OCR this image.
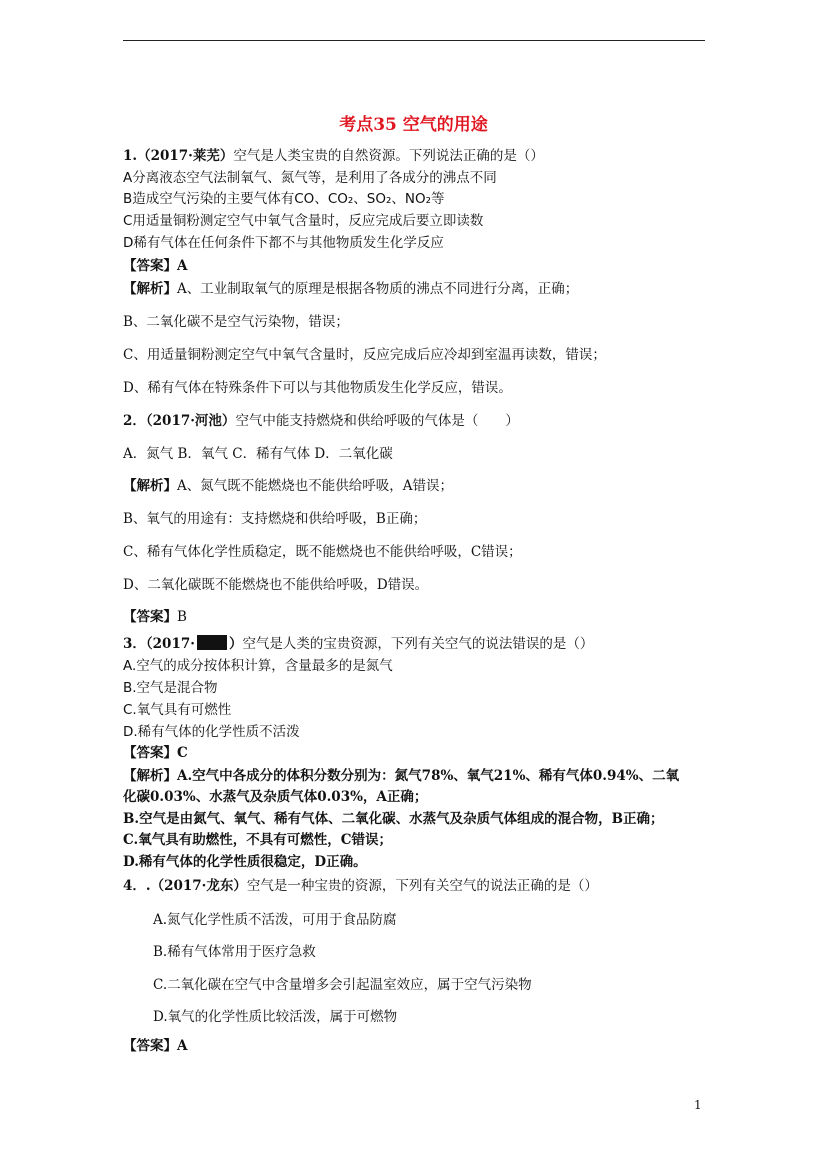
考点35 空气的用途
1.（2017·莱芜）空气是人类宝贵的自然资源。下列说法正确的是（）
A分离液态空气法制氧气、氮气等，是利用了各成分的沸点不同
B造成空气污染的主要气体有CO、CO₂、SO₂、NO₂等
C用适量铜粉测定空气中氧气含量时，反应完成后要立即读数
D稀有气体在任何条件下都不与其他物质发生化学反应
【答案】A
【解析】A、工业制取氧气的原理是根据各物质的沸点不同进行分离，正确；
B、二氧化碳不是空气污染物，错误；
C、用适量铜粉测定空气中氧气含量时，反应完成后应冷却到室温再读数，错误；
D、稀有气体在特殊条件下可以与其他物质发生化学反应，错误。
2．（2017·河池）空气中能支持燃烧和供给呼吸的气体是（　　）
A．氮气 B．氧气 C．稀有气体 D．二氧化碳
【解析】A、氮气既不能燃烧也不能供给呼吸，A错误；
B、氧气的用途有：支持燃烧和供给呼吸，B正确；
C、稀有气体化学性质稳定，既不能燃烧也不能供给呼吸，C错误；
D、二氧化碳既不能燃烧也不能供给呼吸，D错误。
【答案】B
3．（2017·	）空气是人类的宝贵资源，下列有关空气的说法错误的是（）
A.空气的成分按体积计算，含量最多的是氮气
B.空气是混合物
C.氧气具有可燃性
D.稀有气体的化学性质不活泼
【答案】C
【解析】A.空气中各成分的体积分数分别为：氮气78%、氧气21%、稀有气体0.94%、二氧
化碳0.03%、水蒸气及杂质气体0.03%，A正确；
B.空气是由氮气、氧气、稀有气体、二氧化碳、水蒸气及杂质气体组成的混合物，B正确；
C.氧气具有助燃性，不具有可燃性，C错误；
D.稀有气体的化学性质很稳定，D正确。
4．.（2017·龙东）空气是一种宝贵的资源，下列有关空气的说法正确的是（）
A.氮气化学性质不活泼，可用于食品防腐
B.稀有气体常用于医疗急救
C.二氧化碳在空气中含量增多会引起温室效应，属于空气污染物
D.氧气的化学性质比较活泼，属于可燃物
【答案】A
1
